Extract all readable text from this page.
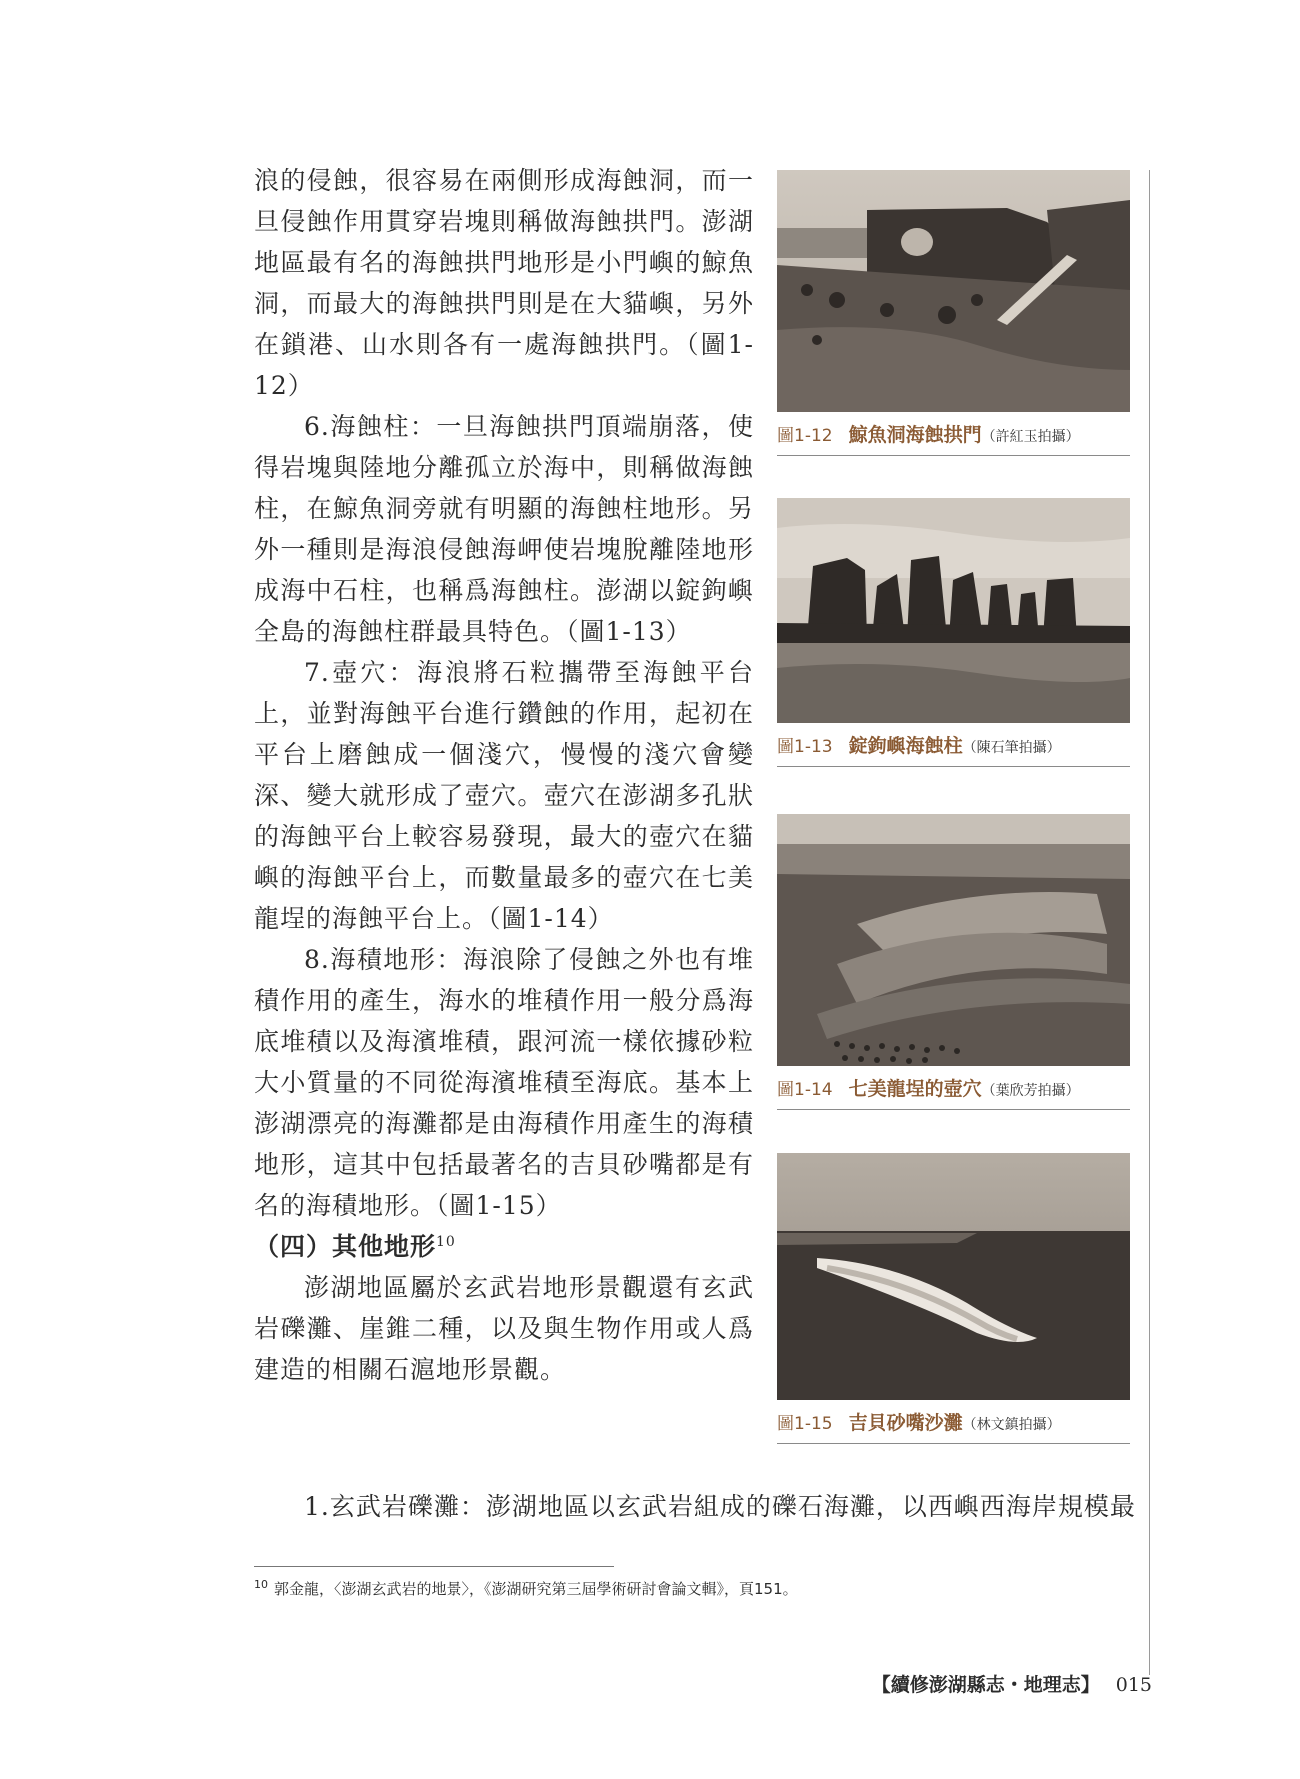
浪的侵蝕，很容易在兩側形成海蝕洞，而一旦侵蝕作用貫穿岩塊則稱做海蝕拱門。澎湖地區最有名的海蝕拱門地形是小門嶼的鯨魚洞，而最大的海蝕拱門則是在大貓嶼，另外在鎖港、山水則各有一處海蝕拱門。（圖1-12）

6.海蝕柱：一旦海蝕拱門頂端崩落，使得岩塊與陸地分離孤立於海中，則稱做海蝕柱，在鯨魚洞旁就有明顯的海蝕柱地形。另外一種則是海浪侵蝕海岬使岩塊脫離陸地形成海中石柱，也稱爲海蝕柱。澎湖以錠鉤嶼全島的海蝕柱群最具特色。（圖1-13）

7.壺穴：海浪將石粒攜帶至海蝕平台上，並對海蝕平台進行鑽蝕的作用，起初在平台上磨蝕成一個淺穴，慢慢的淺穴會變深、變大就形成了壺穴。壺穴在澎湖多孔狀的海蝕平台上較容易發現，最大的壺穴在貓嶼的海蝕平台上，而數量最多的壺穴在七美龍埕的海蝕平台上。（圖1-14）

8.海積地形：海浪除了侵蝕之外也有堆積作用的產生，海水的堆積作用一般分爲海底堆積以及海濱堆積，跟河流一樣依據砂粒大小質量的不同從海濱堆積至海底。基本上澎湖漂亮的海灘都是由海積作用產生的海積地形，這其中包括最著名的吉貝砂嘴都是有名的海積地形。（圖1-15）

（四）其他地形$^{10}$

澎湖地區屬於玄武岩地形景觀還有玄武岩礫灘、崖錐二種，以及與生物作用或人爲建造的相關石滬地形景觀。

1.玄武岩礫灘：澎湖地區以玄武岩組成的礫石海灘，以西嶼西海岸規模最
圖1-12 鯨魚洞海蝕拱門（許紅玉拍攝）
圖1-13 錠鉤嶼海蝕柱（陳石筆拍攝）
圖1-14 七美龍埕的壺穴（葉欣芳拍攝）
圖1-15 吉貝砂嘴沙灘（林文鎮拍攝）
$^{10}$ 郭金龍，〈澎湖玄武岩的地景〉，《澎湖研究第三屆學術研討會論文輯》，頁151。
【續修澎湖縣志・地理志】 015
